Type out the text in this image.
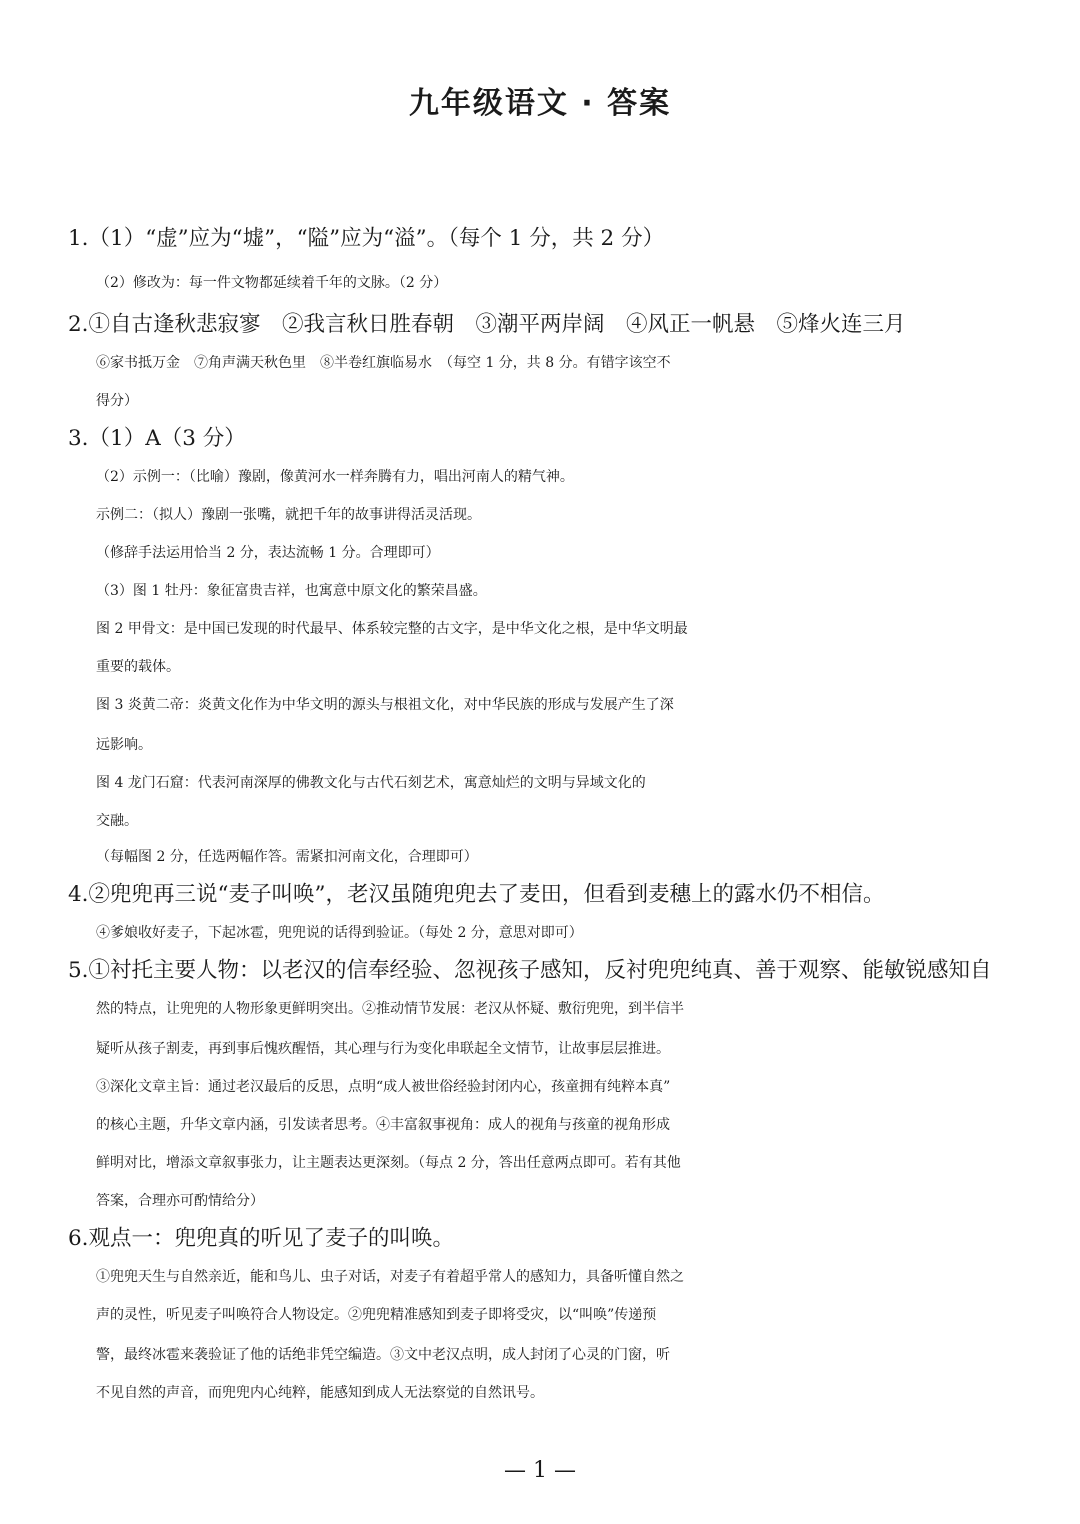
九年级语文 · 答案
1.（1）“虚”应为“墟”，“隘”应为“溢”。（每个 1 分，共 2 分）
（2）修改为：每一件文物都延续着千年的文脉。（2 分）
2.①自古逢秋悲寂寥　②我言秋日胜春朝　③潮平两岸阔　④风正一帆悬　⑤烽火连三月
⑥家书抵万金　⑦角声满天秋色里　⑧半卷红旗临易水　（每空 1 分，共 8 分。有错字该空不
得分）
3.（1）A（3 分）
（2）示例一：（比喻）豫剧，像黄河水一样奔腾有力，唱出河南人的精气神。
示例二：（拟人）豫剧一张嘴，就把千年的故事讲得活灵活现。
（修辞手法运用恰当 2 分，表达流畅 1 分。合理即可）
（3）图 1 牡丹：象征富贵吉祥，也寓意中原文化的繁荣昌盛。
图 2 甲骨文：是中国已发现的时代最早、体系较完整的古文字，是中华文化之根，是中华文明最
重要的载体。
图 3 炎黄二帝：炎黄文化作为中华文明的源头与根祖文化，对中华民族的形成与发展产生了深
远影响。
图 4 龙门石窟：代表河南深厚的佛教文化与古代石刻艺术，寓意灿烂的文明与异域文化的
交融。
（每幅图 2 分，任选两幅作答。需紧扣河南文化，合理即可）
4.②兜兜再三说“麦子叫唤”，老汉虽随兜兜去了麦田，但看到麦穗上的露水仍不相信。
④爹娘收好麦子，下起冰雹，兜兜说的话得到验证。（每处 2 分，意思对即可）
5.①衬托主要人物：以老汉的信奉经验、忽视孩子感知，反衬兜兜纯真、善于观察、能敏锐感知自
然的特点，让兜兜的人物形象更鲜明突出。②推动情节发展：老汉从怀疑、敷衍兜兜，到半信半
疑听从孩子割麦，再到事后愧疚醒悟，其心理与行为变化串联起全文情节，让故事层层推进。
③深化文章主旨：通过老汉最后的反思，点明“成人被世俗经验封闭内心，孩童拥有纯粹本真”
的核心主题，升华文章内涵，引发读者思考。④丰富叙事视角：成人的视角与孩童的视角形成
鲜明对比，增添文章叙事张力，让主题表达更深刻。（每点 2 分，答出任意两点即可。若有其他
答案，合理亦可酌情给分）
6.观点一：兜兜真的听见了麦子的叫唤。
①兜兜天生与自然亲近，能和鸟儿、虫子对话，对麦子有着超乎常人的感知力，具备听懂自然之
声的灵性，听见麦子叫唤符合人物设定。②兜兜精准感知到麦子即将受灾，以“叫唤”传递预
警，最终冰雹来袭验证了他的话绝非凭空编造。③文中老汉点明，成人封闭了心灵的门窗，听
不见自然的声音，而兜兜内心纯粹，能感知到成人无法察觉的自然讯号。
— 1 —
